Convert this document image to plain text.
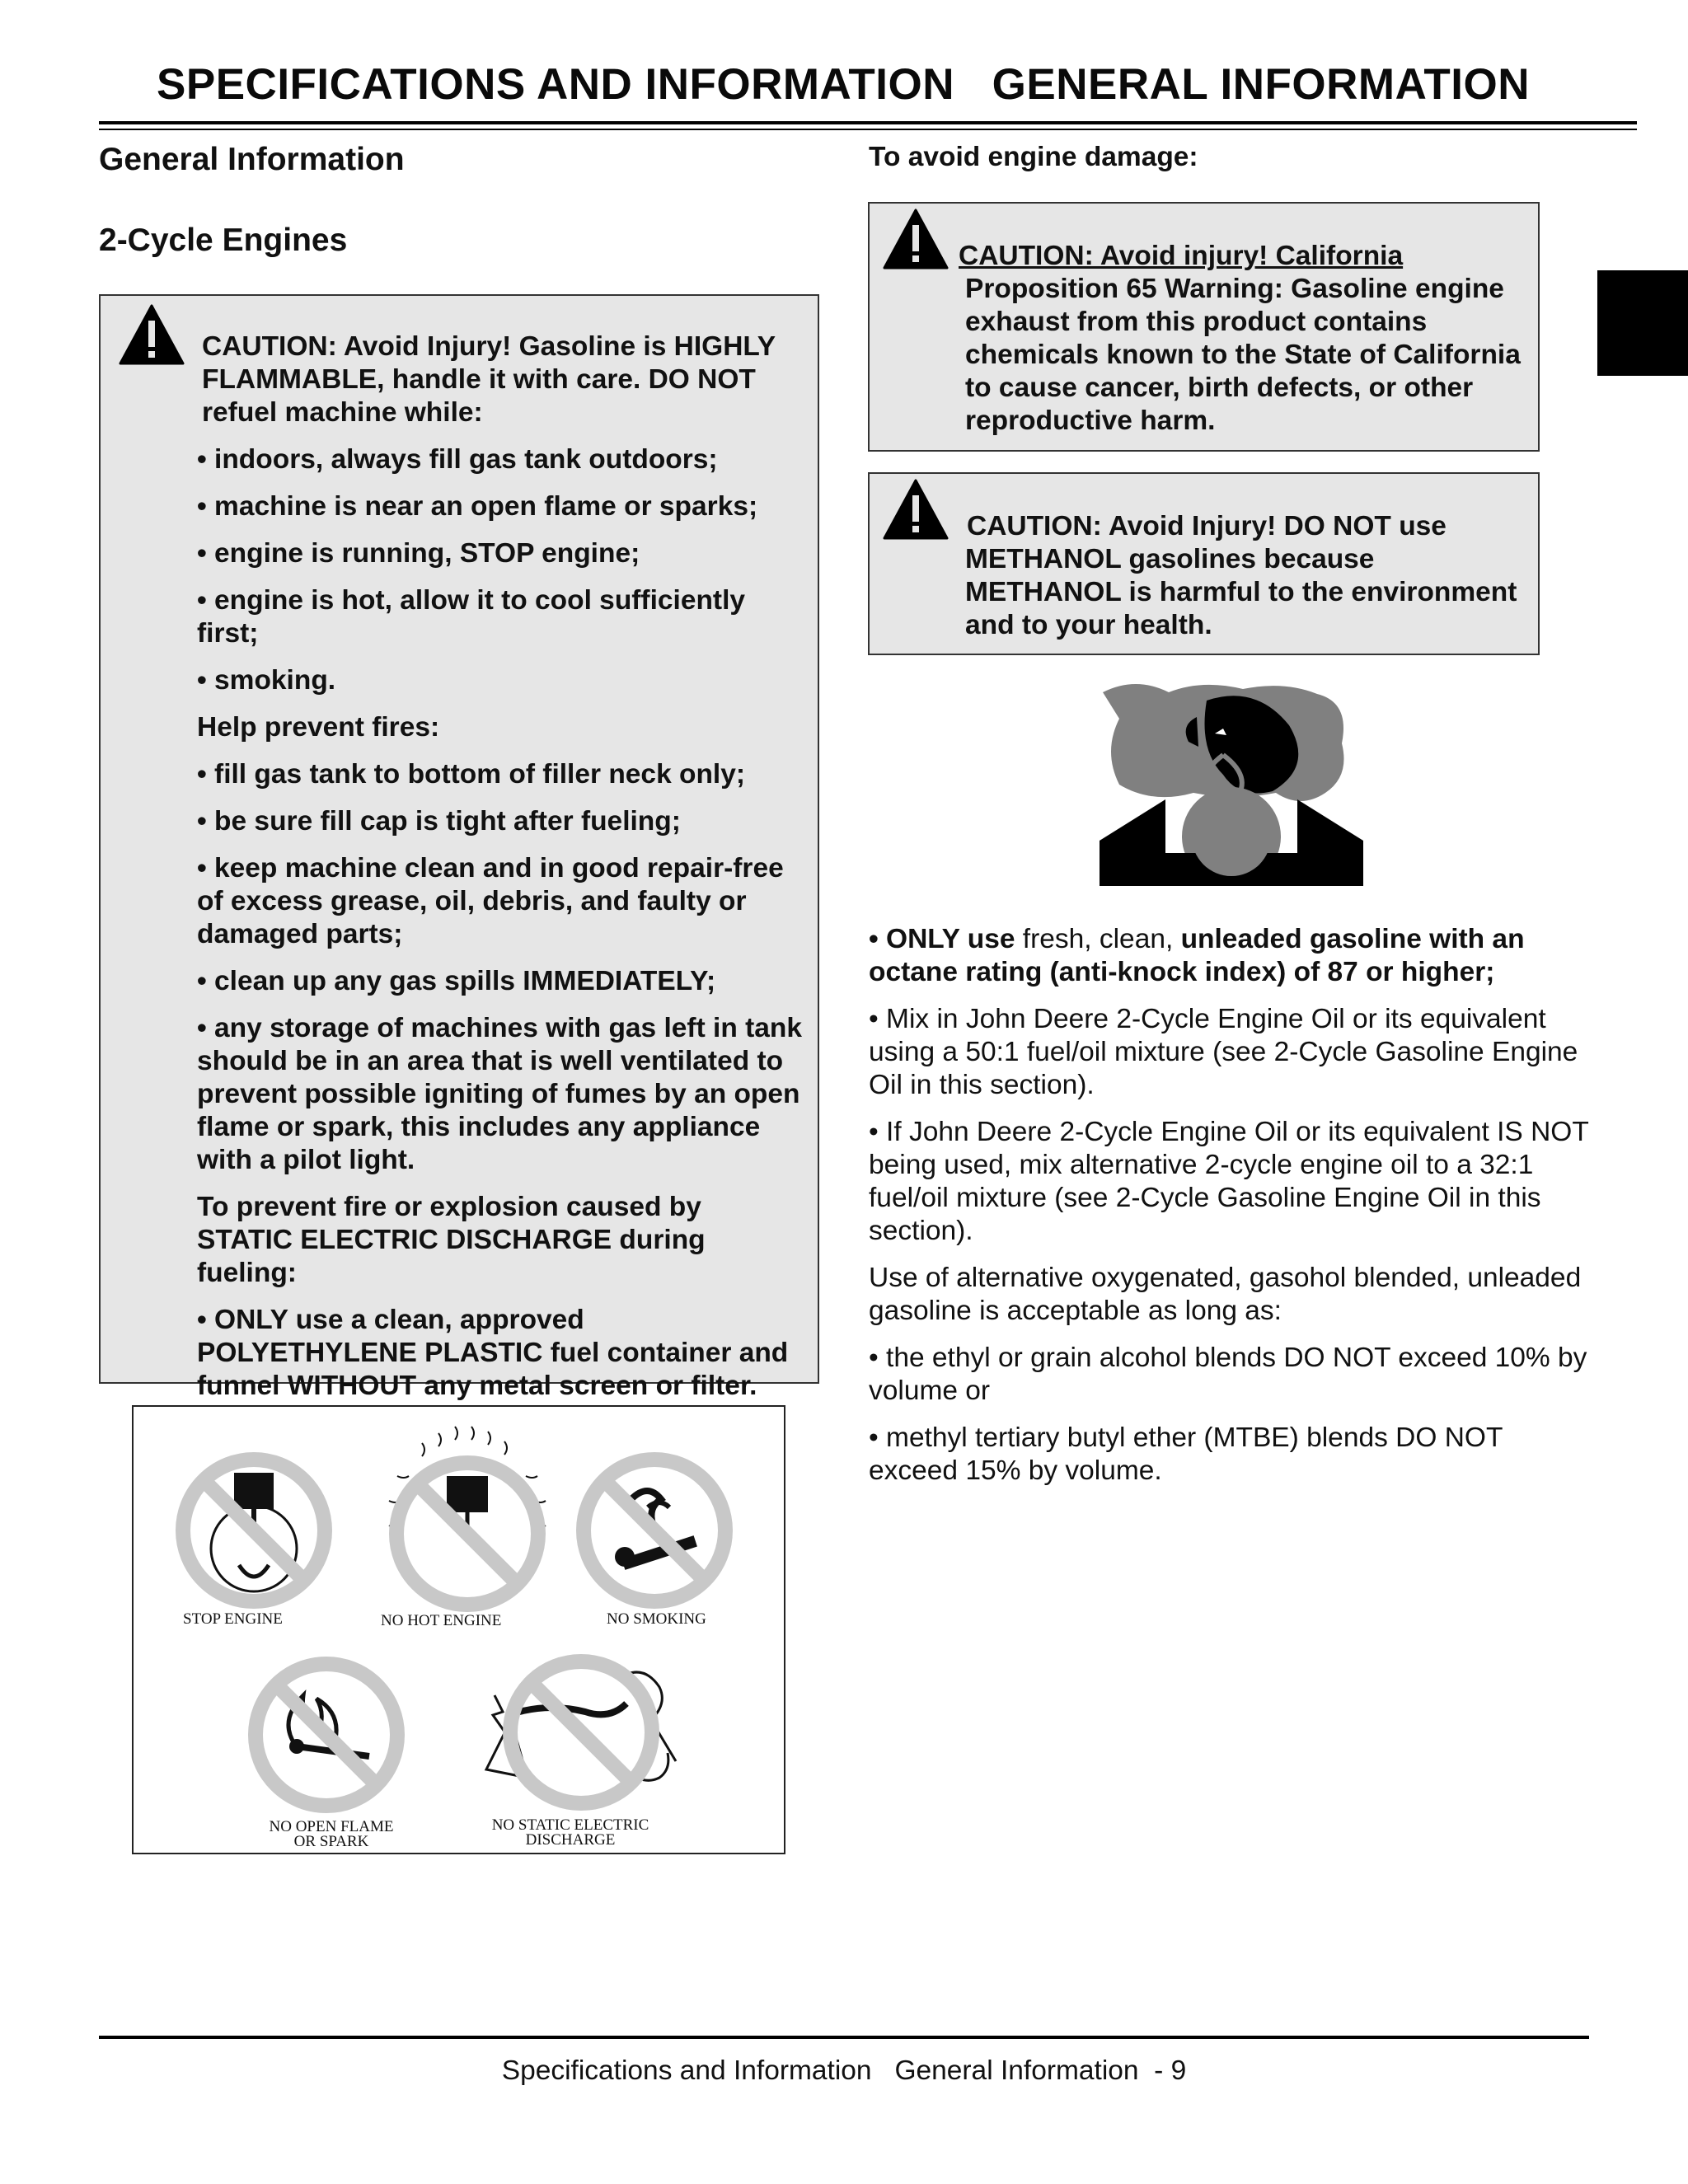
SPECIFICATIONS AND INFORMATION   GENERAL INFORMATION
General Information
2-Cycle Engines

CAUTION: Avoid Injury! Gasoline is HIGHLY FLAMMABLE, handle it with care. DO NOT refuel machine while:

• indoors, always fill gas tank outdoors;

• machine is near an open flame or sparks;

• engine is running, STOP engine;

• engine is hot, allow it to cool sufficiently first;

• smoking.

Help prevent fires:

• fill gas tank to bottom of filler neck only;

• be sure fill cap is tight after fueling;

• keep machine clean and in good repair-free of excess grease, oil, debris, and faulty or damaged parts;

• clean up any gas spills IMMEDIATELY;

• any storage of machines with gas left in tank should be in an area that is well ventilated to prevent possible igniting of fumes by an open flame or spark, this includes any appliance with a pilot light.

To prevent fire or explosion caused by STATIC ELECTRIC DISCHARGE during fueling:

• ONLY use a clean, approved POLYETHYLENE PLASTIC fuel container and funnel WITHOUT any metal screen or filter.

STOP ENGINE	NO HOT ENGINE	NO SMOKING
NO OPEN FLAME
OR SPARK
NO STATIC ELECTRIC
DISCHARGE
To avoid engine damage:
CAUTION: Avoid injury! California
Proposition 65 Warning: Gasoline engine exhaust from this product contains chemicals known to the State of California to cause cancer, birth defects, or other reproductive harm.
CAUTION: Avoid Injury! DO NOT use
METHANOL gasolines because METHANOL is harmful to the environment and to your health.

• ONLY use fresh, clean, unleaded gasoline with an octane rating (anti-knock index) of 87 or higher;

• Mix in John Deere 2-Cycle Engine Oil or its equivalent using a 50:1 fuel/oil mixture (see 2-Cycle Gasoline Engine Oil in this section).

• If John Deere 2-Cycle Engine Oil or its equivalent IS NOT being used, mix alternative 2-cycle engine oil to a 32:1 fuel/oil mixture (see 2-Cycle Gasoline Engine Oil in this section).

Use of alternative oxygenated, gasohol blended, unleaded gasoline is acceptable as long as:

• the ethyl or grain alcohol blends DO NOT exceed 10% by volume or

• methyl tertiary butyl ether (MTBE) blends DO NOT exceed 15% by volume.

Specifications and Information   General Information  - 9
